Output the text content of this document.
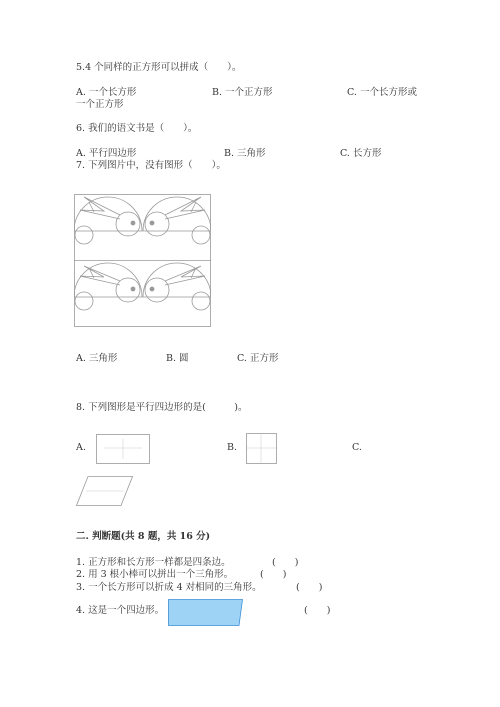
5.4 个同样的正方形可以拼成（　　）。
A. 一个长方形	B. 一个正方形	C. 一个长方形或
一个正方形
6. 我们的语文书是（　　）。
A. 平行四边形	B. 三角形	C. 长方形
7. 下列图片中，没有图形（　　）。
A. 三角形	B. 圆	C. 正方形
8. 下列图形是平行四边形的是(　　　)。
A.	B.	C.
二. 判断题(共 8 题，共 16 分)
1. 正方形和长方形一样都是四条边。	(　　)
2. 用 3 根小棒可以拼出一个三角形。	(　　)
3. 一个长方形可以折成 4 对相同的三角形。	(　　)
4. 这是一个四边形。	(　　)
